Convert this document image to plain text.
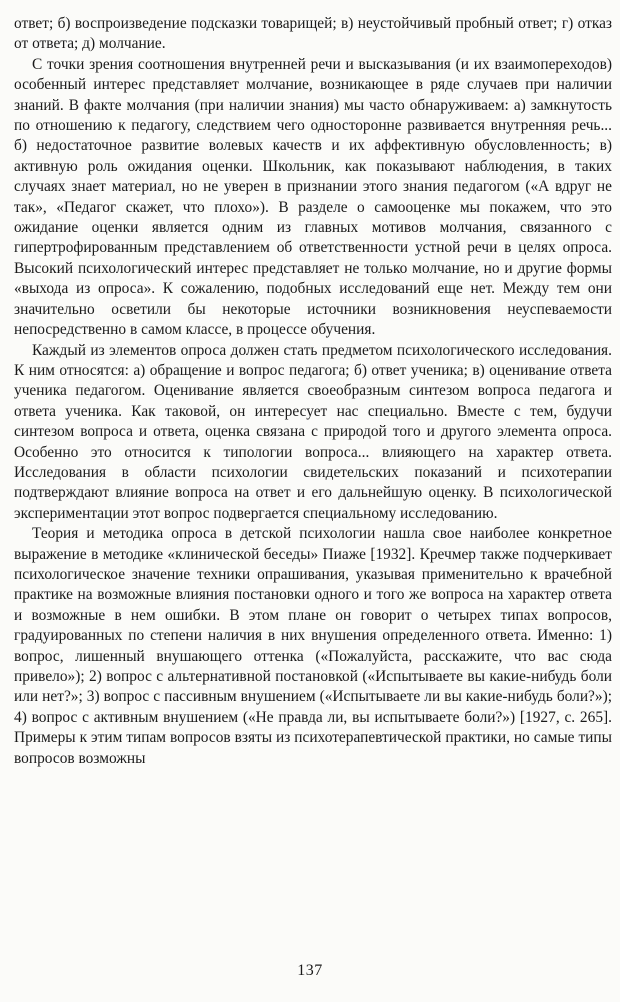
ответ; б) воспроизведение подсказки товарищей; в) неустойчивый пробный ответ; г) отказ от ответа; д) молчание.

С точки зрения соотношения внутренней речи и высказывания (и их взаимопереходов) особенный интерес представляет молчание, возникающее в ряде случаев при наличии знаний. В факте молчания (при наличии знания) мы часто обнаруживаем: а) замкнутость по отношению к педагогу, следствием чего односторонне развивается внутренняя речь... б) недостаточное развитие волевых качеств и их аффективную обусловленность; в) активную роль ожидания оценки. Школьник, как показывают наблюдения, в таких случаях знает материал, но не уверен в признании этого знания педагогом («А вдруг не так», «Педагог скажет, что плохо»). В разделе о самооценке мы покажем, что это ожидание оценки является одним из главных мотивов молчания, связанного с гипертрофированным представлением об ответственности устной речи в целях опроса. Высокий психологический интерес представляет не только молчание, но и другие формы «выхода из опроса». К сожалению, подобных исследований еще нет. Между тем они значительно осветили бы некоторые источники возникновения неуспеваемости непосредственно в самом классе, в процессе обучения.

Каждый из элементов опроса должен стать предметом психологического исследования. К ним относятся: а) обращение и вопрос педагога; б) ответ ученика; в) оценивание ответа ученика педагогом. Оценивание является своеобразным синтезом вопроса педагога и ответа ученика. Как таковой, он интересует нас специально. Вместе с тем, будучи синтезом вопроса и ответа, оценка связана с природой того и другого элемента опроса. Особенно это относится к типологии вопроса... влияющего на характер ответа. Исследования в области психологии свидетельских показаний и психотерапии подтверждают влияние вопроса на ответ и его дальнейшую оценку. В психологической экспериментации этот вопрос подвергается специальному исследованию.

Теория и методика опроса в детской психологии нашла свое наиболее конкретное выражение в методике «клинической беседы» Пиаже [1932]. Кречмер также подчеркивает психологическое значение техники опрашивания, указывая применительно к врачебной практике на возможные влияния постановки одного и того же вопроса на характер ответа и возможные в нем ошибки. В этом плане он говорит о четырех типах вопросов, градуированных по степени наличия в них внушения определенного ответа. Именно: 1) вопрос, лишенный внушающего оттенка («Пожалуйста, расскажите, что вас сюда привело»); 2) вопрос с альтернативной постановкой («Испытываете вы какие-нибудь боли или нет?»; 3) вопрос с пассивным внушением («Испытываете ли вы какие-нибудь боли?»); 4) вопрос с активным внушением («Не правда ли, вы испытываете боли?») [1927, с. 265]. Примеры к этим типам вопросов взяты из психотерапевтической практики, но самые типы вопросов возможны

137
